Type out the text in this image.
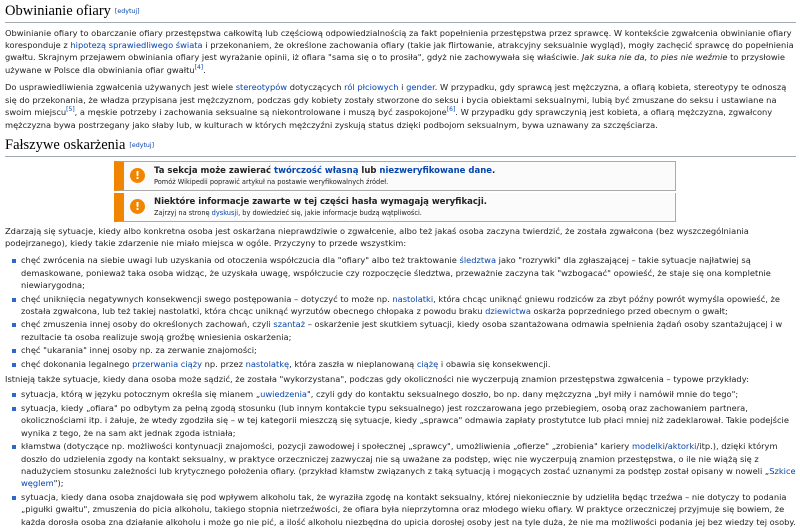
Obwinianie ofiary [edytuj]

Obwinianie ofiary to obarczanie ofiary przestępstwa całkowitą lub częściową odpowiedzialnością za fakt popełnienia przestępstwa przez sprawcę. W kontekście zgwałcenia obwinianie ofiary koresponduje z hipotezą sprawiedliwego świata i przekonaniem, że określone zachowania ofiary (takie jak flirtowanie, atrakcyjny seksualnie wygląd), mogły zachęcić sprawcę do popełnienia gwałtu. Skrajnym przejawem obwiniania ofiary jest wyrażanie opinii, iż ofiara "sama się o to prosiła", gdyż nie zachowywała się właściwie. Jak suka nie da, to pies nie weźmie to przysłowie używane w Polsce dla obwiniania ofiar gwałtu[4].

Do usprawiedliwienia zgwałcenia używanych jest wiele stereotypów dotyczących ról płciowych i gender. W przypadku, gdy sprawcą jest mężczyzna, a ofiarą kobieta, stereotypy te odnoszą się do przekonania, że władza przypisana jest mężczyznom, podczas gdy kobiety zostały stworzone do seksu i bycia obiektami seksualnymi, lubią być zmuszane do seksu i ustawiane na swoim miejscu[5], a męskie potrzeby i zachowania seksualne są niekontrolowane i muszą być zaspokojone[6]. W przypadku gdy sprawczynią jest kobieta, a ofiarą mężczyzna, zgwałcony mężczyzna bywa postrzegany jako słaby lub, w kulturach w których mężczyźni zyskują status dzięki podbojom seksualnym, bywa uznawany za szczęściarza.

Fałszywe oskarżenia [edytuj]
!	Ta sekcja może zawierać twórczość własną lub niezweryfikowane dane.
Pomóż Wikipedii poprawić artykuł na postawie weryfikowalnych źródeł.
!	Niektóre informacje zawarte w tej części hasła wymagają weryfikacji.
Zajrzyj na stronę dyskusji, by dowiedzieć się, jakie informacje budzą wątpliwości.

Zdarzają się sytuacje, kiedy albo konkretna osoba jest oskarżana nieprawdziwie o zgwałcenie, albo też jakaś osoba zaczyna twierdzić, że została zgwałcona (bez wyszczególniania podejrzanego), kiedy takie zdarzenie nie miało miejsca w ogóle. Przyczyny to przede wszystkim:

chęć zwrócenia na siebie uwagi lub uzyskania od otoczenia współczucia dla "ofiary" albo też traktowanie śledztwa jako "rozrywki" dla zgłaszającej – takie sytuacje najłatwiej są demaskowane, ponieważ taka osoba widząc, że uzyskała uwagę, współczucie czy rozpoczęcie śledztwa, przeważnie zaczyna tak "wzbogacać" opowieść, że staje się ona kompletnie niewiarygodna;
chęć uniknięcia negatywnych konsekwencji swego postępowania – dotyczyć to może np. nastolatki, która chcąc uniknąć gniewu rodziców za zbyt późny powrót wymyśla opowieść, że została zgwałcona, lub też takiej nastolatki, która chcąc uniknąć wyrzutów obecnego chłopaka z powodu braku dziewictwa oskarża poprzedniego przed obecnym o gwałt;
chęć zmuszenia innej osoby do określonych zachowań, czyli szantaż – oskarżenie jest skutkiem sytuacji, kiedy osoba szantażowana odmawia spełnienia żądań osoby szantażującej i w rezultacie ta osoba realizuje swoją groźbę wniesienia oskarżenia;
chęć "ukarania" innej osoby np. za zerwanie znajomości;
chęć dokonania legalnego przerwania ciąży np. przez nastolatkę, która zaszła w nieplanowaną ciążę i obawia się konsekwencji.

Istnieją także sytuacje, kiedy dana osoba może sądzić, że została "wykorzystana", podczas gdy okoliczności nie wyczerpują znamion przestępstwa zgwałcenia – typowe przykłady:

sytuacja, którą w języku potocznym określa się mianem „uwiedzenia", czyli gdy do kontaktu seksualnego doszło, bo np. dany mężczyzna „był miły i namówił mnie do tego";
sytuacja, kiedy „ofiara" po odbytym za pełną zgodą stosunku (lub innym kontakcie typu seksualnego) jest rozczarowana jego przebiegiem, osobą oraz zachowaniem partnera, okolicznościami itp. i żałuje, że wtedy zgodziła się – w tej kategorii mieszczą się sytuacje, kiedy „sprawca" odmawia zapłaty prostytutce lub płaci mniej niż zadeklarował. Takie podejście wynika z tego, że na sam akt jednak zgoda istniała;
kłamstwa (dotyczące np. możliwości kontynuacji znajomości, pozycji zawodowej i społecznej „sprawcy", umożliwienia „ofierze" „zrobienia" kariery modelki/aktorki/itp.), dzięki którym doszło do udzielenia zgody na kontakt seksualny, w praktyce orzeczniczej zazwyczaj nie są uważane za podstęp, więc nie wyczerpują znamion przestępstwa, o ile nie wiążą się z nadużyciem stosunku zależności lub krytycznego położenia ofiary. (przykład kłamstw związanych z taką sytuacją i mogących zostać uznanymi za podstęp został opisany w noweli „Szkice węglem");
sytuacja, kiedy dana osoba znajdowała się pod wpływem alkoholu tak, że wyraziła zgodę na kontakt seksualny, której niekoniecznie by udzieliła będąc trzeźwa – nie dotyczy to podania „pigułki gwałtu", zmuszenia do picia alkoholu, takiego stopnia nietrzeźwości, że ofiara była nieprzytomna oraz młodego wieku ofiary. W praktyce orzeczniczej przyjmuje się bowiem, że każda dorosła osoba zna działanie alkoholu i może go nie pić, a ilość alkoholu niezbędna do upicia dorosłej osoby jest na tyle duża, że nie ma możliwości podania jej bez wiedzy tej osoby.
